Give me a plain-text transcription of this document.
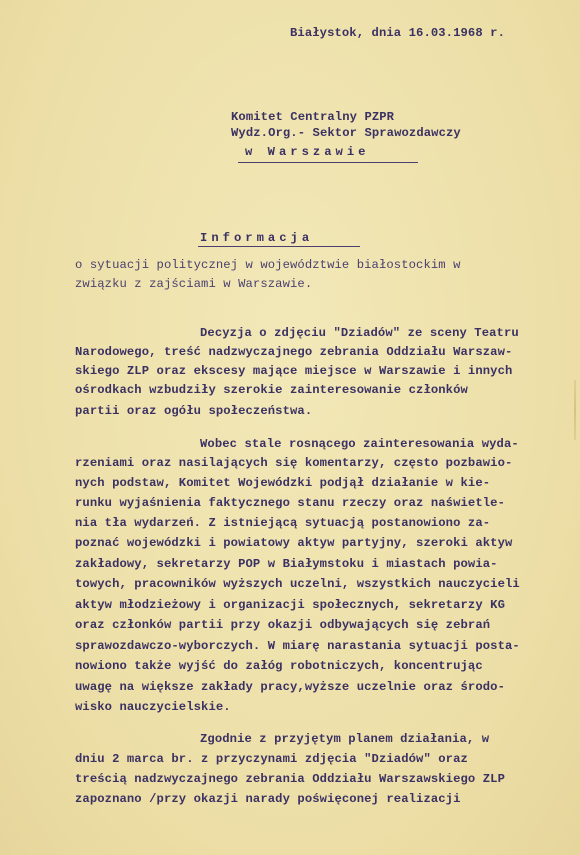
Białystok, dnia 16.03.1968 r.
Komitet Centralny PZPR
Wydz.Org.- Sektor Sprawozdawczy
w Warszawie
Informacja
o sytuacji politycznej w województwie białostockim w
związku z zajściami w Warszawie.
Decyzja o zdjęciu "Dziadów" ze sceny Teatru
Narodowego, treść nadzwyczajnego zebrania Oddziału Warszaw-
skiego ZLP oraz ekscesy mające miejsce w Warszawie i innych
ośrodkach wzbudziły szerokie zainteresowanie członków
partii oraz ogółu społeczeństwa.
Wobec stale rosnącego zainteresowania wyda-
rzeniami oraz nasilających się komentarzy, często pozbawio-
nych podstaw, Komitet Wojewódzki podjął działanie w kie-
runku wyjaśnienia faktycznego stanu rzeczy oraz naświetle-
nia tła wydarzeń. Z istniejącą sytuacją postanowiono za-
poznać wojewódzki i powiatowy aktyw partyjny, szeroki aktyw
zakładowy, sekretarzy POP w Białymstoku i miastach powia-
towych, pracowników wyższych uczelni, wszystkich nauczycieli
aktyw młodzieżowy i organizacji społecznych, sekretarzy KG
oraz członków partii przy okazji odbywających się zebrań
sprawozdawczo-wyborczych. W miarę narastania sytuacji posta-
nowiono także wyjść do załóg robotniczych, koncentrując
uwagę na większe zakłady pracy,wyższe uczelnie oraz środo-
wisko nauczycielskie.
Zgodnie z przyjętym planem działania, w
dniu 2 marca br. z przyczynami zdjęcia "Dziadów" oraz
treścią nadzwyczajnego zebrania Oddziału Warszawskiego ZLP
zapoznano /przy okazji narady poświęconej realizacji
